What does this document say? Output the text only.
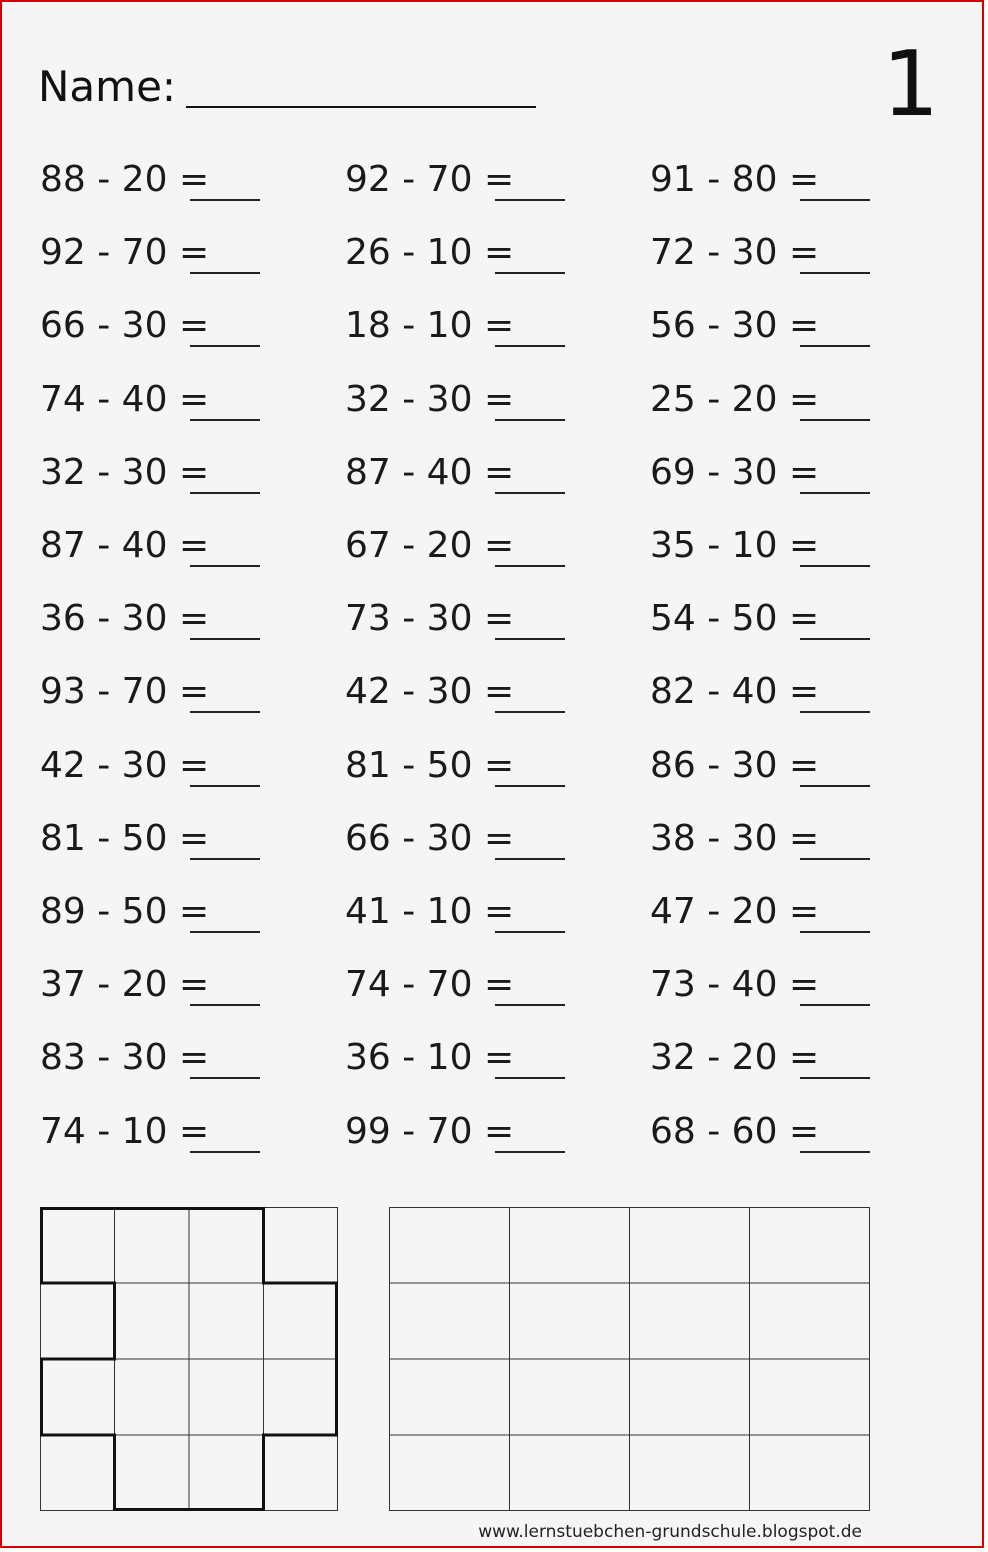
Name:	1
88 - 20 =
92 - 70 =
66 - 30 =
74 - 40 =
32 - 30 =
87 - 40 =
36 - 30 =
93 - 70 =
42 - 30 =
81 - 50 =
89 - 50 =
37 - 20 =
83 - 30 =
74 - 10 =
92 - 70 =
26 - 10 =
18 - 10 =
32 - 30 =
87 - 40 =
67 - 20 =
73 - 30 =
42 - 30 =
81 - 50 =
66 - 30 =
41 - 10 =
74 - 70 =
36 - 10 =
99 - 70 =
91 - 80 =
72 - 30 =
56 - 30 =
25 - 20 =
69 - 30 =
35 - 10 =
54 - 50 =
82 - 40 =
86 - 30 =
38 - 30 =
47 - 20 =
73 - 40 =
32 - 20 =
68 - 60 =
www.lernstuebchen-grundschule.blogspot.de
